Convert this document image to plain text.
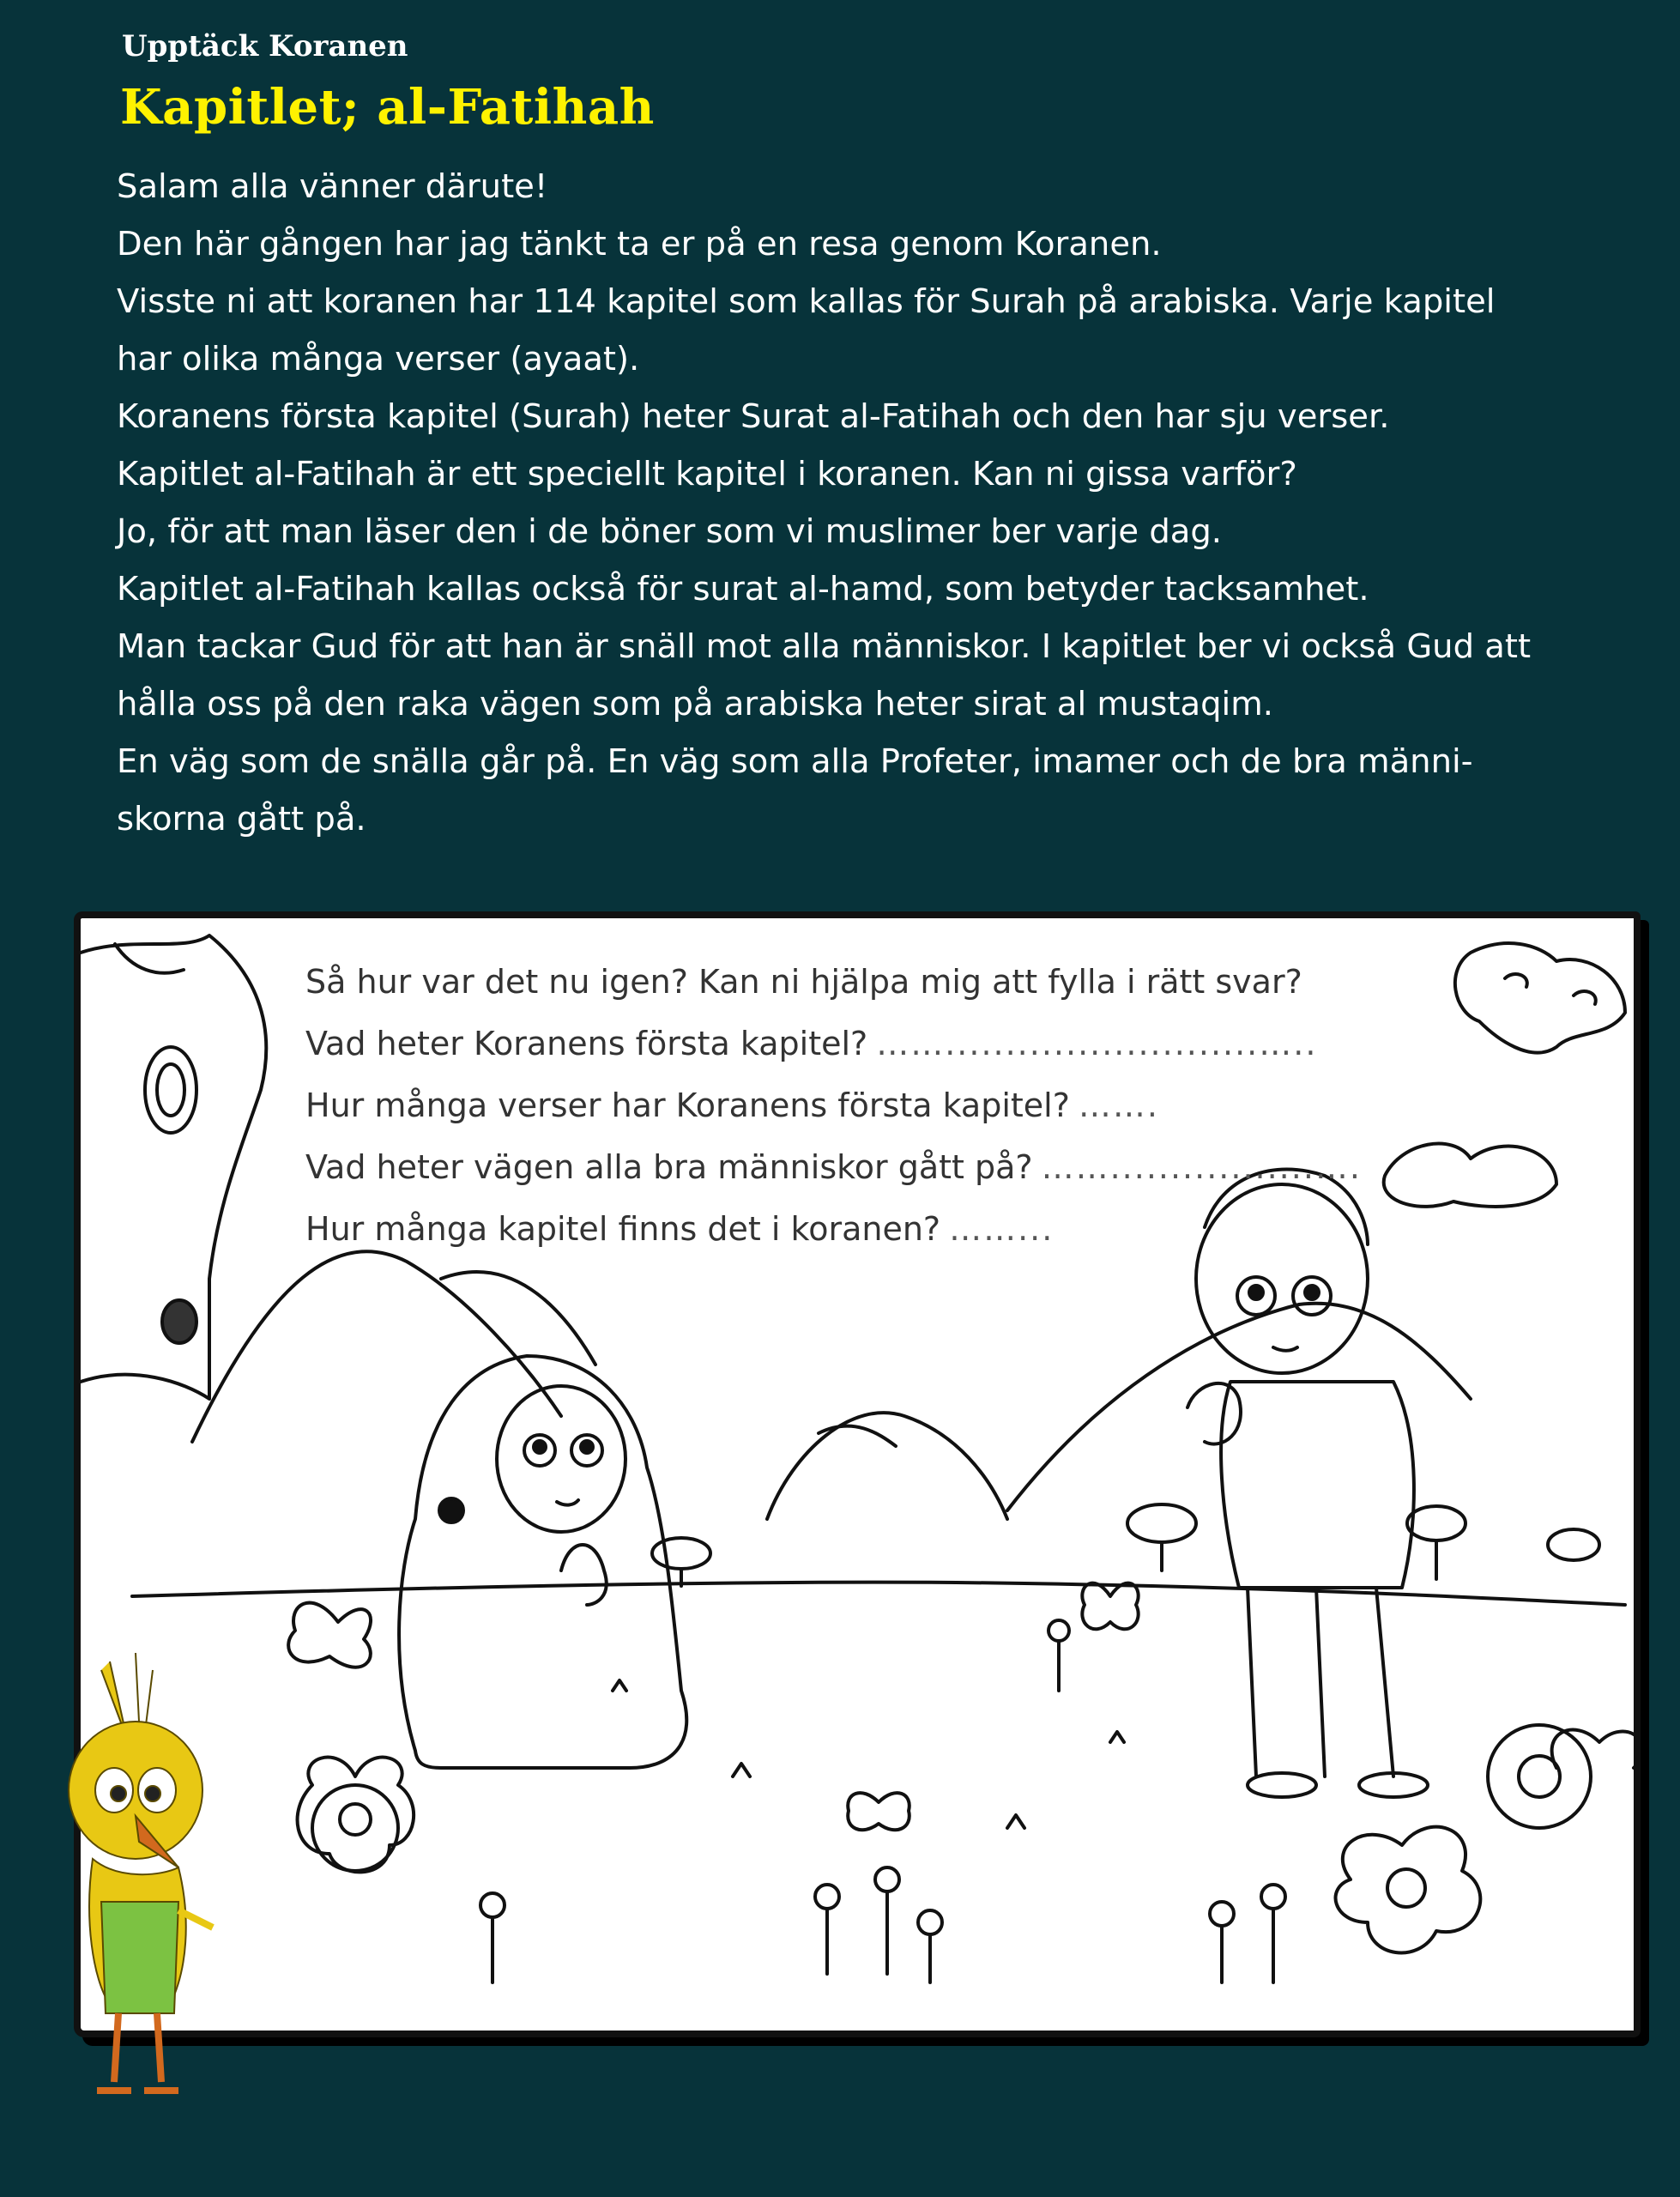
Upptäck Koranen
Kapitlet; al-Fatihah

Salam alla vänner därute!

Den här gången har jag tänkt ta er på en resa genom Koranen.

Visste ni att koranen har 114 kapitel som kallas för Surah på arabiska. Varje kapitel

har olika många verser (ayaat).

Koranens första kapitel (Surah) heter Surat al-Fatihah och den har sju verser.

Kapitlet al-Fatihah är ett speciellt kapitel i koranen. Kan ni gissa varför?

Jo, för att man läser den i de böner som vi muslimer ber varje dag.

Kapitlet al-Fatihah kallas också för surat al-hamd, som betyder tacksamhet.

Man tackar Gud för att han är snäll mot alla människor. I kapitlet ber vi också Gud att

hålla oss på den raka vägen som på arabiska heter sirat al mustaqim.

En väg som de snälla går på. En väg som alla Profeter, imamer och de bra männi-

skorna gått på.

Så hur var det nu igen? Kan ni hjälpa mig att fylla i rätt svar?

Vad heter Koranens första kapitel? ……..........................…..

Hur många verser har Koranens första kapitel? …….

Vad heter vägen alla bra människor gått på? …….................….

Hur många kapitel finns det i koranen? ……...
